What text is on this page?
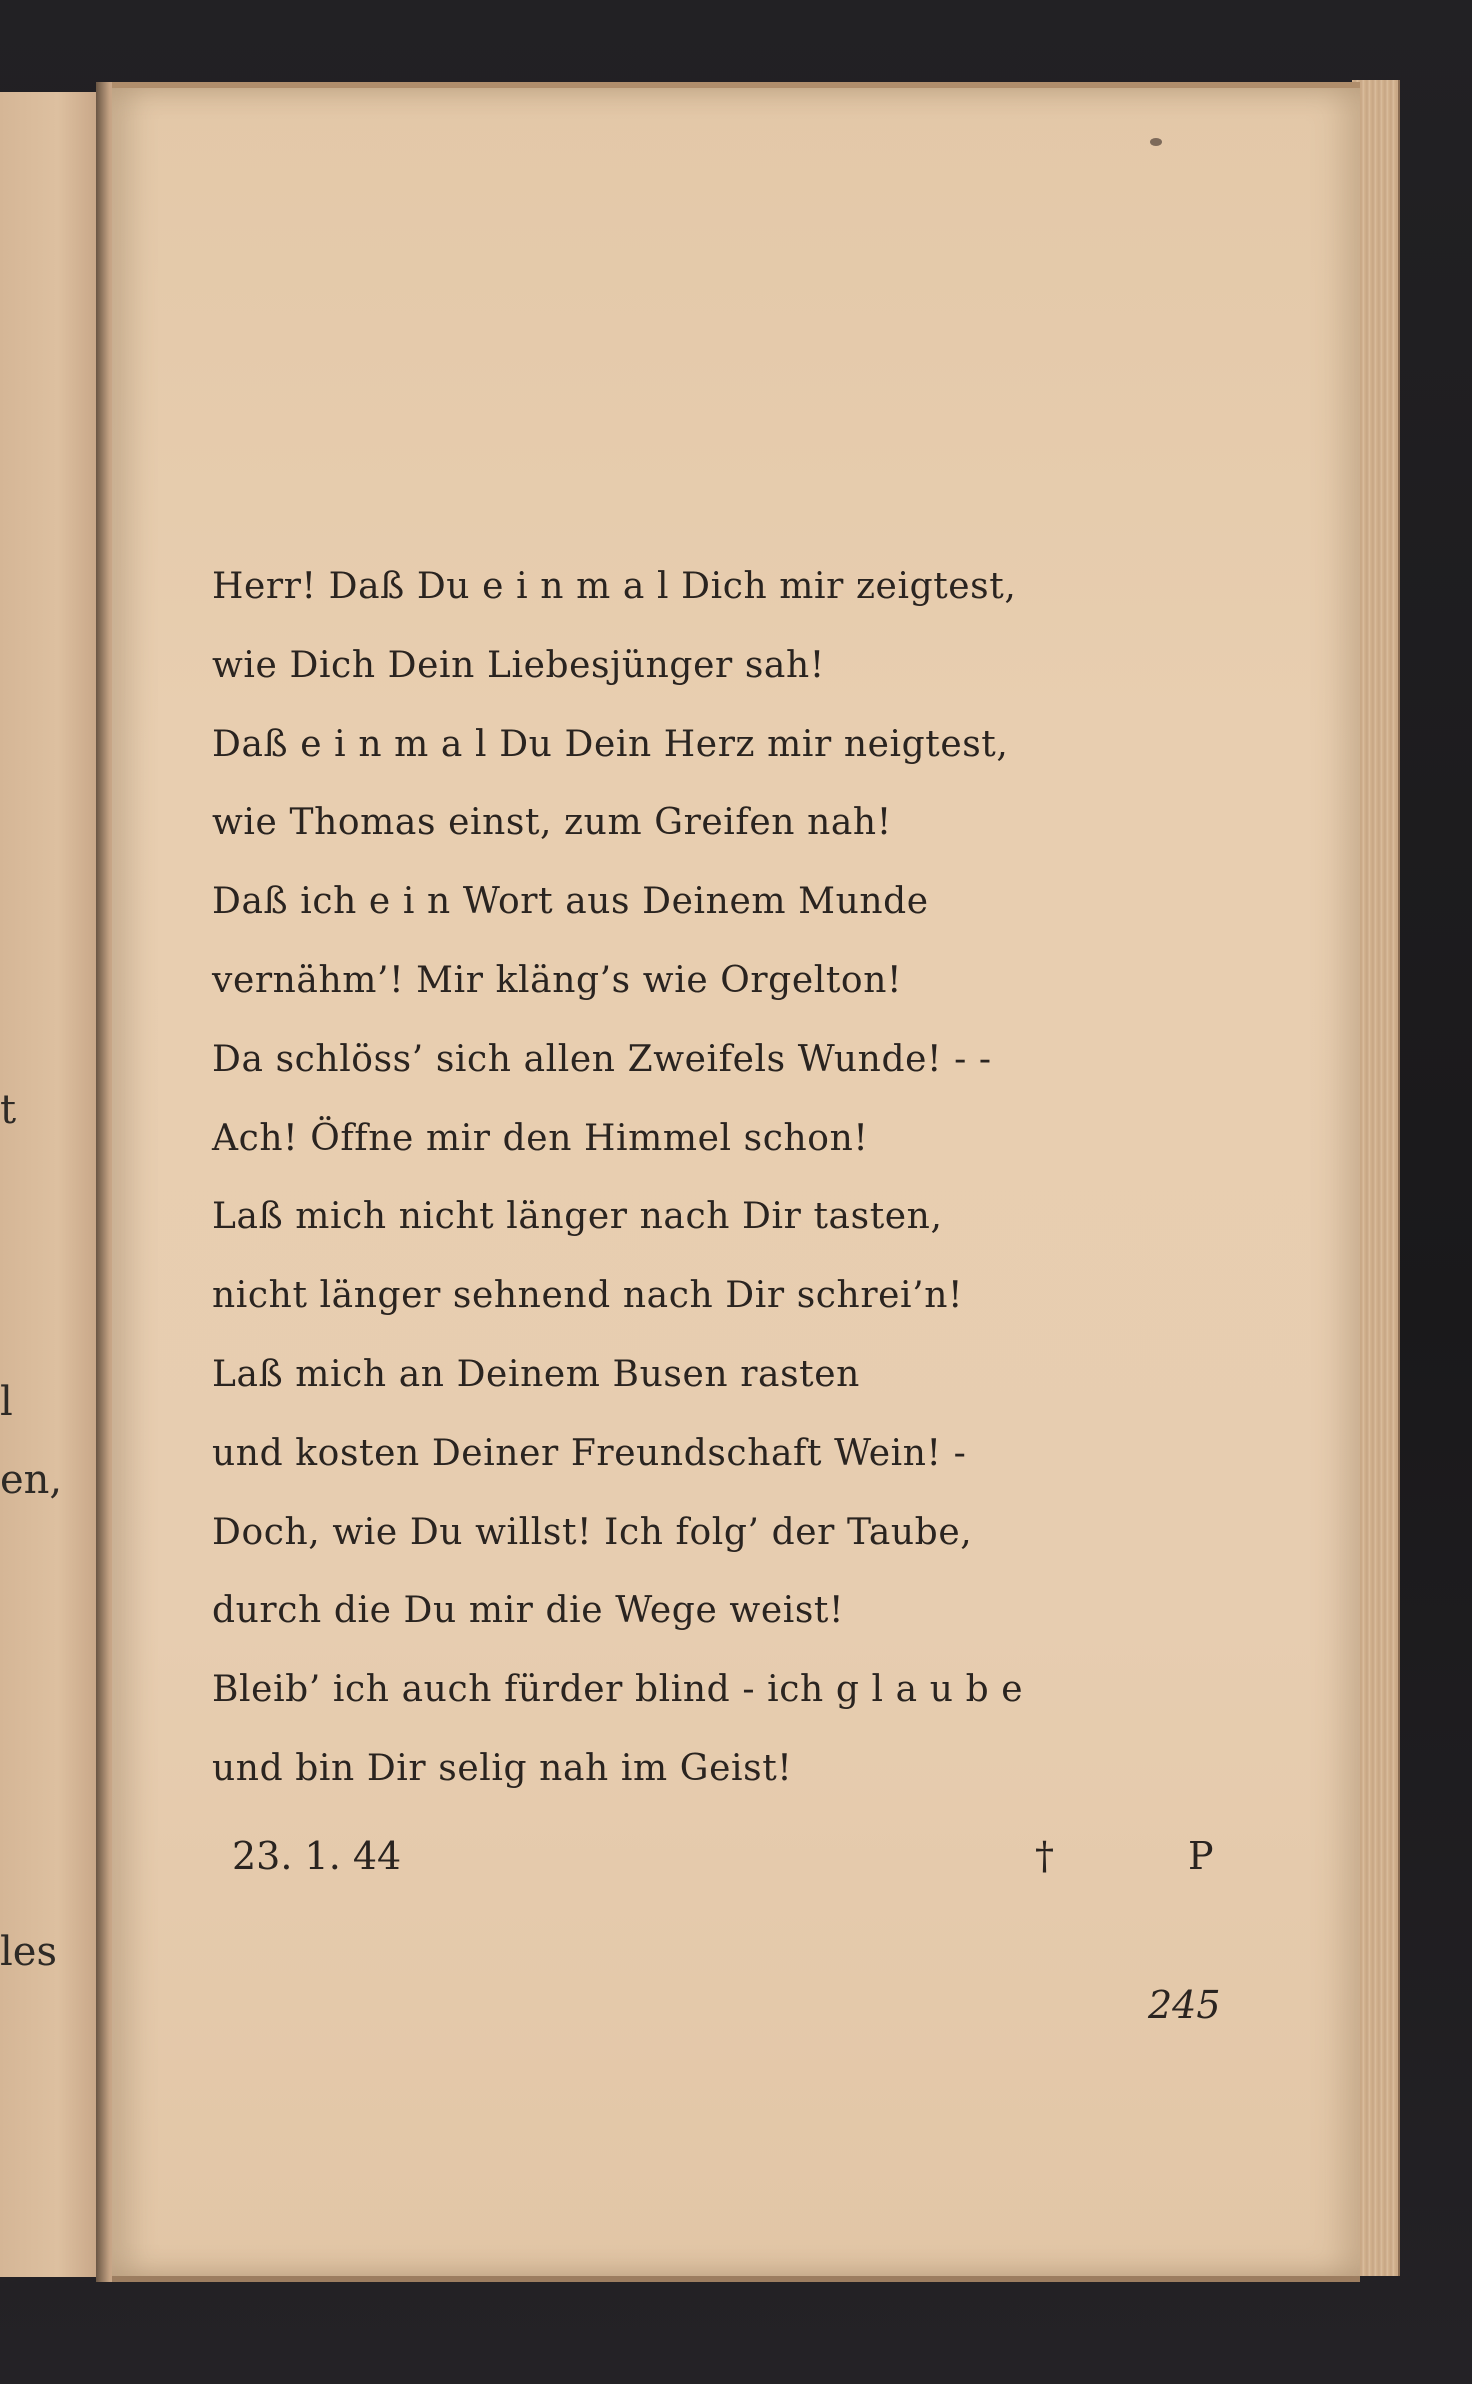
t
l
en,
les
Herr! Daß Du e i n m a l Dich mir zeigtest,
wie Dich Dein Liebesjünger sah!
Daß e i n m a l Du Dein Herz mir neigtest,
wie Thomas einst, zum Greifen nah!
Daß ich e i n Wort aus Deinem Munde
vernähm’! Mir kläng’s wie Orgelton!
Da schlöss’ sich allen Zweifels Wunde! - -
Ach! Öffne mir den Himmel schon!
Laß mich nicht länger nach Dir tasten,
nicht länger sehnend nach Dir schrei’n!
Laß mich an Deinem Busen rasten
und kosten Deiner Freundschaft Wein! -
Doch, wie Du willst! Ich folg’ der Taube,
durch die Du mir die Wege weist!
Bleib’ ich auch fürder blind - ich g l a u b e
und bin Dir selig nah im Geist!
23. 1. 44	†	P
245
